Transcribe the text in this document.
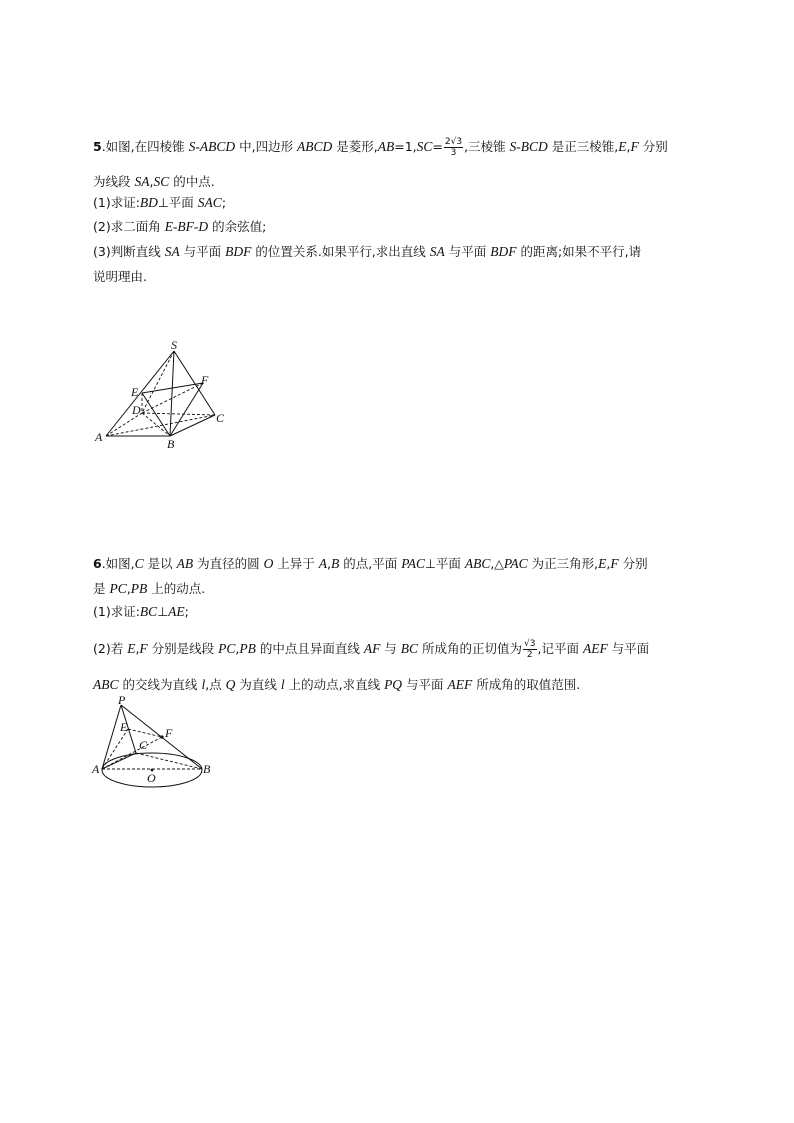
5.如图,在四棱锥 S-ABCD 中,四边形 ABCD 是菱形$,AB=1,SC= \frac{2√3}{3}$ ,三棱锥 S-BCD 是正三棱锥,E,F 分别
为线段 SA,SC 的中点.
(1)求证:BD⊥平面 SAC;
(2)求二面角 E-BF-D 的余弦值;
(3)判断直线 SA 与平面 BDF 的位置关系.如果平行,求出直线 SA 与平面 BDF 的距离;如果不平行,请
说明理由.
S
E
F
D
C
A	B
6.如图,C 是以 AB 为直径的圆 O 上异于 A,B 的点,平面 PAC⊥平面 ABC,△PAC 为正三角形,E,F 分别
是 PC,PB 上的动点.
(1)求证:BC⊥AE;
(2)若 E,F 分别是线段 PC,PB 的中点且异面直线 AF 与 BC 所成角的正切值为 $\frac{√3}{2}$ ,记平面 AEF 与平面
ABC 的交线为直线 l,点 Q 为直线 l 上的动点,求直线 PQ 与平面 AEF 所成角的取值范围.
P
E	F
C
A
O
B
